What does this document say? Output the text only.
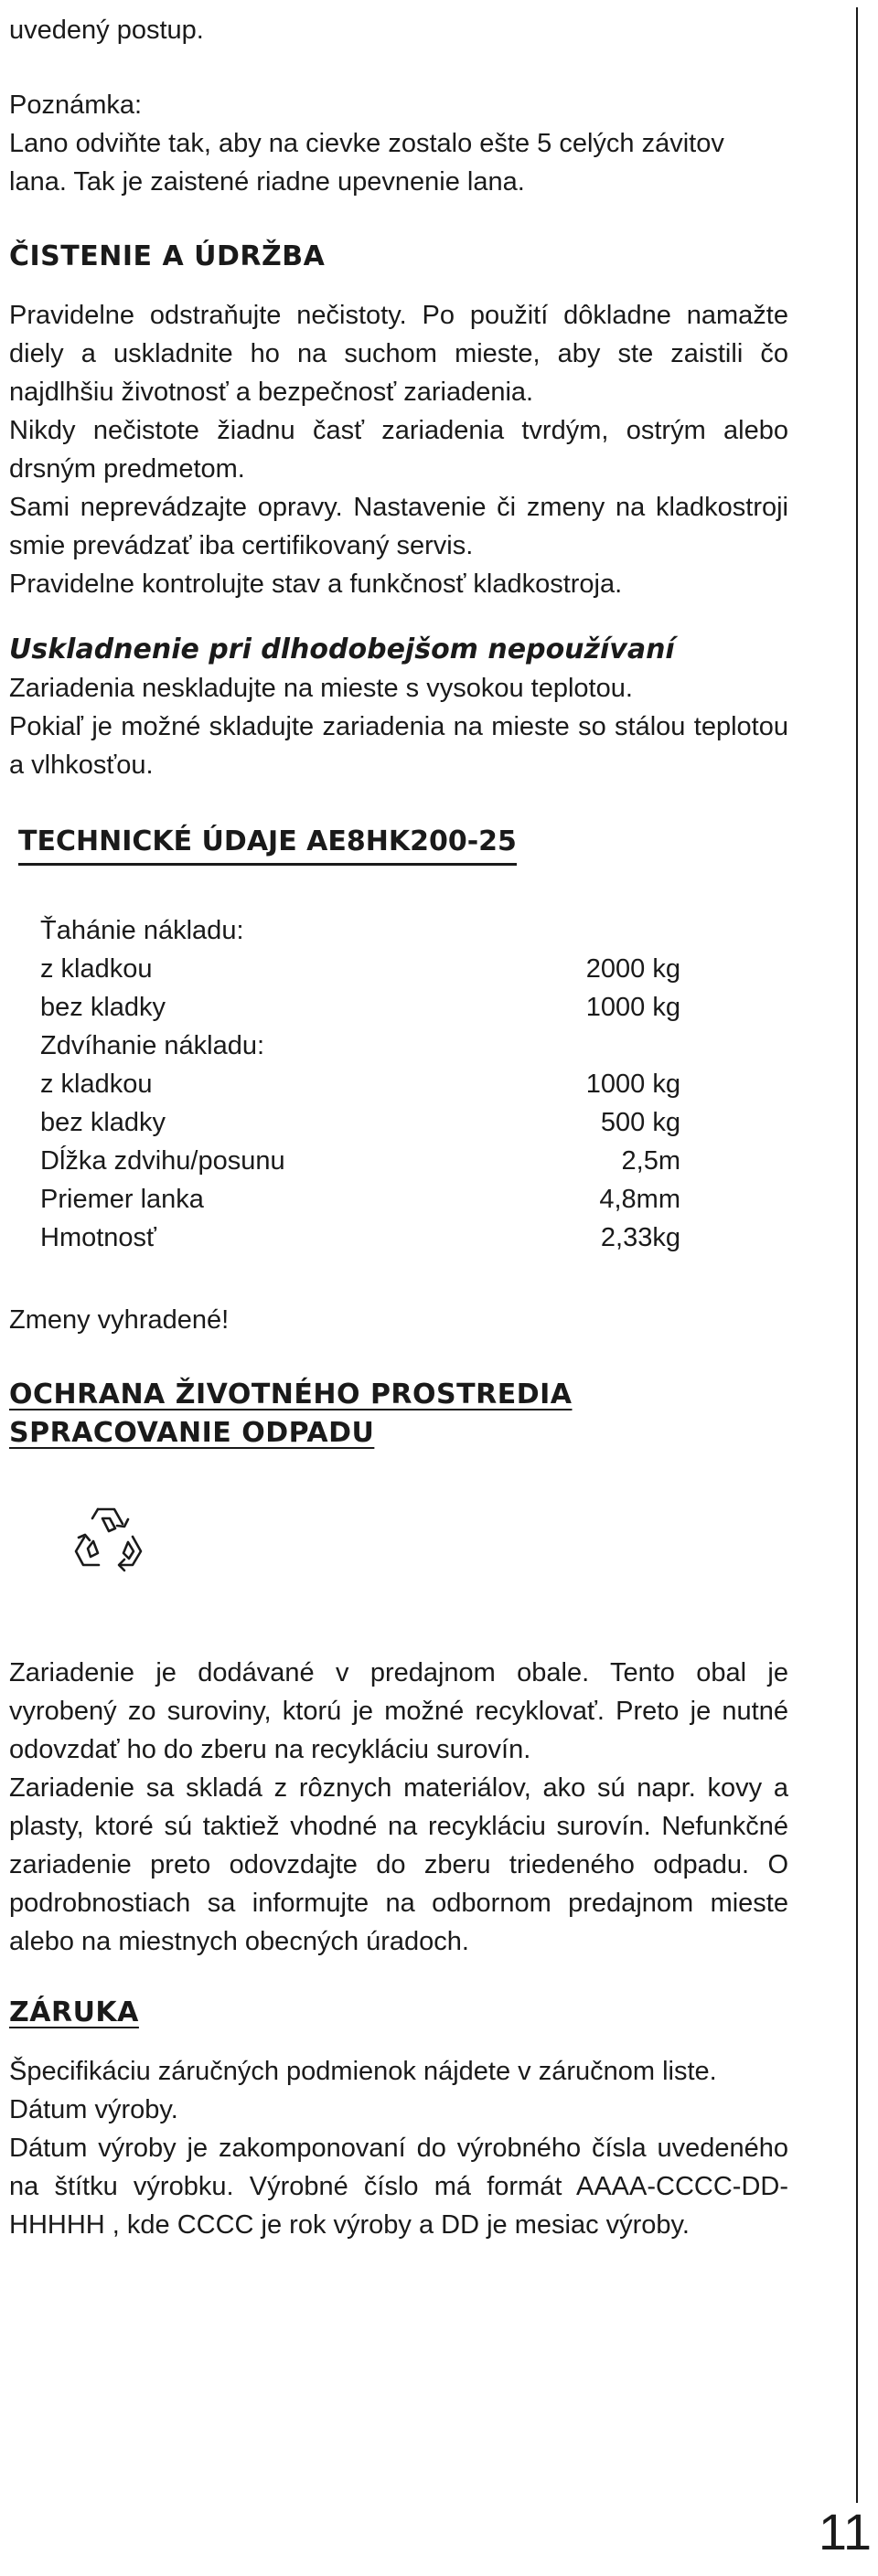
uvedený postup.

Poznámka:

Lano odviňte tak, aby na cievke zostalo ešte 5 celých závitov lana. Tak je zaistené riadne upevnenie lana.

ČISTENIE A ÚDRŽBA

Pravidelne odstraňujte nečistoty. Po použití dôkladne namažte diely a uskladnite ho na suchom mieste, aby ste zaistili čo najdlhšiu životnosť a bezpečnosť zariadenia.

Nikdy nečistote žiadnu časť zariadenia tvrdým, ostrým alebo drsným predmetom.

Sami neprevádzajte opravy. Nastavenie či zmeny na kladkostroji smie prevádzať iba certifikovaný servis.

Pravidelne kontrolujte stav a funkčnosť kladkostroja.

Uskladnenie pri dlhodobejšom nepoužívaní

Zariadenia neskladujte na mieste s vysokou teplotou.

Pokiaľ je možné skladujte zariadenia na mieste so stálou teplotou a vlhkosťou.

TECHNICKÉ ÚDAJE AE8HK200-25
Ťahánie nákladu:
z kladkou	2000 kg
bez kladky	1000 kg
Zdvíhanie nákladu:
z kladkou	1000 kg
bez kladky	500 kg
Dĺžka zdvihu/posunu	2,5m
Priemer lanka	4,8mm
Hmotnosť	2,33kg

Zmeny vyhradené!

OCHRANA ŽIVOTNÉHO PROSTREDIA
SPRACOVANIE ODPADU

Zariadenie je dodávané v predajnom obale. Tento obal je vyrobený zo suroviny, ktorú je možné recyklovať. Preto je nutné odovzdať ho do zberu na recykláciu surovín.

Zariadenie sa skladá z rôznych materiálov, ako sú napr. kovy a plasty, ktoré sú taktiež vhodné na recykláciu surovín. Nefunkčné zariadenie preto odovzdajte do zberu triedeného odpadu. O podrobnostiach sa informujte na odbornom predajnom mieste alebo na miestnych obecných úradoch.

ZÁRUKA

Špecifikáciu záručných podmienok nájdete v záručnom liste.

Dátum výroby.

Dátum výroby je zakomponovaní do výrobného čísla uvedeného na štítku výrobku. Výrobné číslo má formát AAAA-CCCC-DD-HHHHH , kde CCCC je rok výroby a DD je mesiac výroby.

11
